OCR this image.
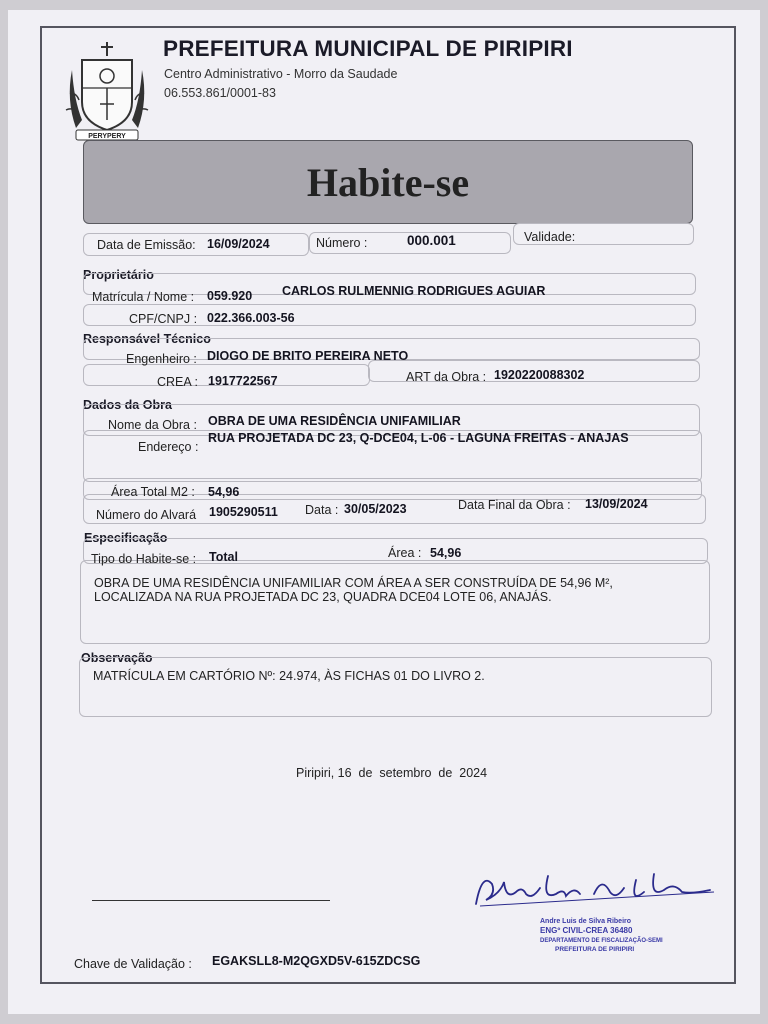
PERYPERY
PREFEITURA MUNICIPAL DE PIRIPIRI
Centro Administrativo - Morro da Saudade
06.553.861/0001-83
Habite-se
Data de Emissão: 16/09/2024	Número :	000.001	Validade:
Proprietário
Matrícula / Nome : 059.920 CARLOS RULMENNIG RODRIGUES AGUIAR
CPF/CNPJ : 022.366.003-56
Responsável Técnico
Engenheiro : DIOGO DE BRITO PEREIRA NETO
CREA : 1917722567	ART da Obra : 1920220088302
Dados da Obra
Nome da Obra : OBRA DE UMA RESIDÊNCIA UNIFAMILIAR
Endereço :
RUA PROJETADA DC 23, Q-DCE04, L-06 - LAGUNA FREITAS - ANAJAS
Área Total M2 : 54,96
Número do Alvará 1905290511 Data : 30/05/2023	Data Final da Obra : 13/09/2024
Especificação
Tipo do Habite-se : Total	Área : 54,96
OBRA DE UMA RESIDÊNCIA UNIFAMILIAR COM ÁREA A SER CONSTRUÍDA DE 54,96 M²,
LOCALIZADA NA RUA PROJETADA DC 23, QUADRA DCE04 LOTE 06, ANAJÁS.
Observação
MATRÍCULA EM CARTÓRIO Nº: 24.974, ÀS FICHAS 01 DO LIVRO 2.
Piripiri, 16  de  setembro  de  2024
Andre Luis de Silva Ribeiro
ENGº CIVIL-CREA 36480
DEPARTAMENTO DE FISCALIZAÇÃO-SEMI
PREFEITURA DE PIRIPIRI
Chave de Validação : EGAKSLL8-M2QGXD5V-615ZDCSG
